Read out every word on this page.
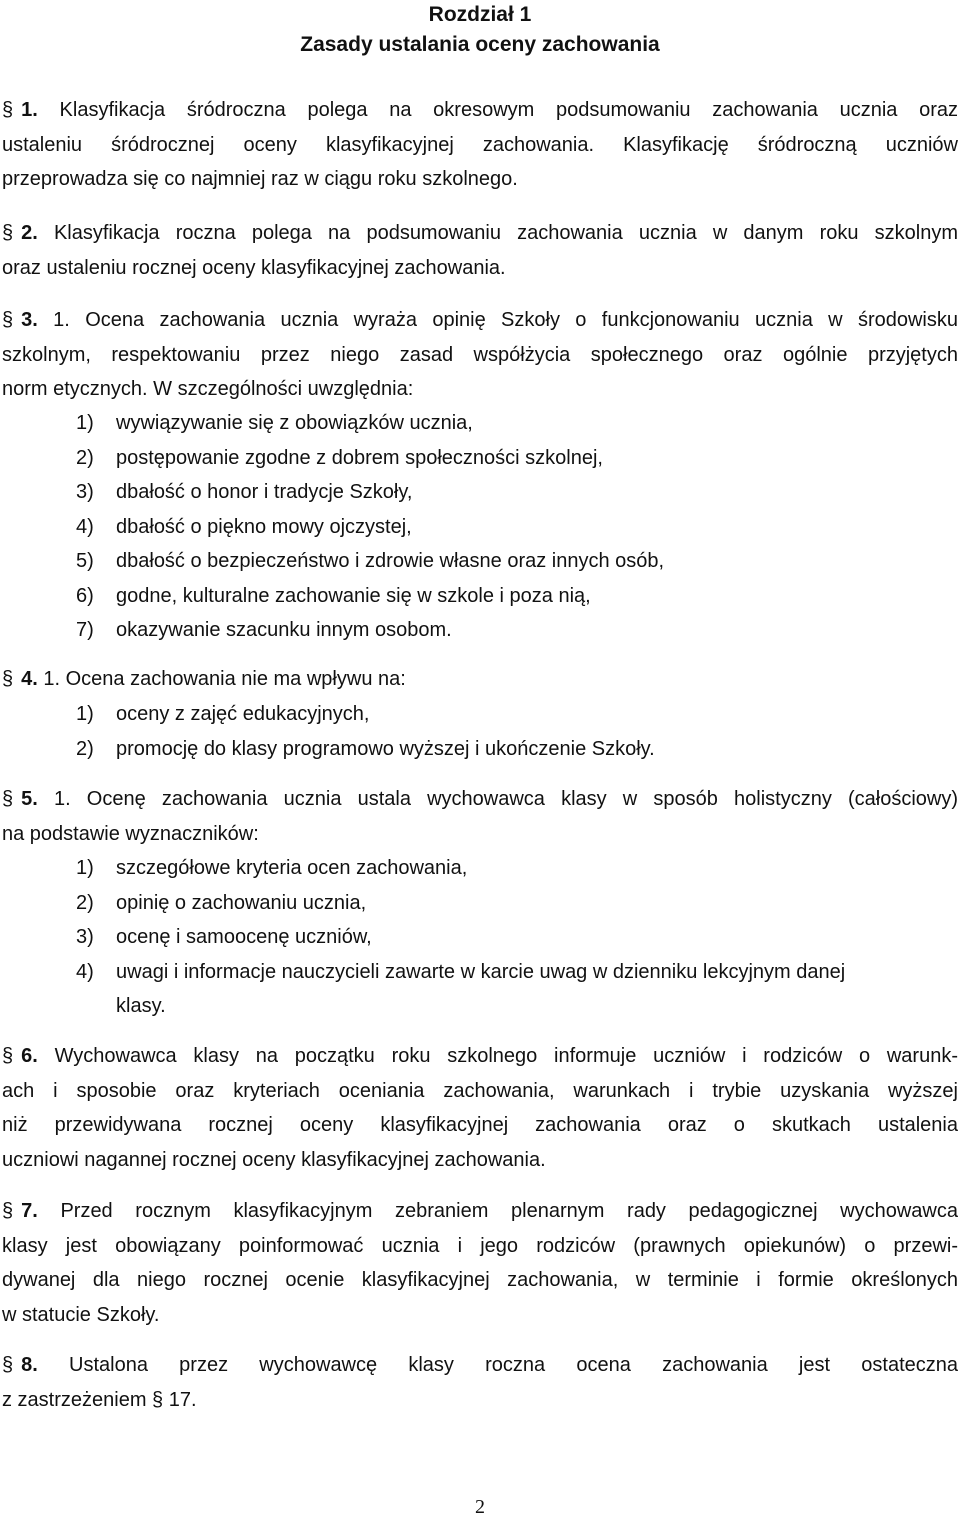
Rozdział 1
Zasady ustalania oceny zachowania
§ 1. Klasyfikacja śródroczna polega na okresowym podsumowaniu zachowania ucznia oraz
ustaleniu śródrocznej oceny klasyfikacyjnej zachowania. Klasyfikację śródroczną uczniów
przeprowadza się co najmniej raz w ciągu roku szkolnego.
§ 2. Klasyfikacja roczna polega na podsumowaniu zachowania ucznia w danym roku szkolnym
oraz ustaleniu rocznej oceny klasyfikacyjnej zachowania.
§ 3. 1. Ocena zachowania ucznia wyraża opinię Szkoły o funkcjonowaniu ucznia w środowisku
szkolnym, respektowaniu przez niego zasad współżycia społecznego oraz ogólnie przyjętych
norm etycznych. W szczególności uwzględnia:
1)	wywiązywanie się z obowiązków ucznia,
2)	postępowanie zgodne z dobrem społeczności szkolnej,
3)	dbałość o honor i tradycje Szkoły,
4)	dbałość o piękno mowy ojczystej,
5)	dbałość o bezpieczeństwo i zdrowie własne oraz innych osób,
6)	godne, kulturalne zachowanie się w szkole i poza nią,
7)	okazywanie szacunku innym osobom.
§ 4. 1. Ocena zachowania nie ma wpływu na:
1)	oceny z zajęć edukacyjnych,
2)	promocję do klasy programowo wyższej i ukończenie Szkoły.
§ 5. 1. Ocenę zachowania ucznia ustala wychowawca klasy w sposób holistyczny (całościowy)
na podstawie wyznaczników:
1)	szczegółowe kryteria ocen zachowania,
2)	opinię o zachowaniu ucznia,
3)	ocenę i samoocenę uczniów,
4)	uwagi i informacje nauczycieli zawarte w karcie uwag w dzienniku lekcyjnym danej
klasy.
§ 6. Wychowawca klasy na początku roku szkolnego informuje uczniów i rodziców o warunk-
ach i sposobie oraz kryteriach oceniania zachowania, warunkach i trybie uzyskania wyższej
niż przewidywana rocznej oceny klasyfikacyjnej zachowania oraz o skutkach ustalenia
uczniowi nagannej rocznej oceny klasyfikacyjnej zachowania.
§ 7. Przed rocznym klasyfikacyjnym zebraniem plenarnym rady pedagogicznej wychowawca
klasy jest obowiązany poinformować ucznia i jego rodziców (prawnych opiekunów) o przewi-
dywanej dla niego rocznej ocenie klasyfikacyjnej zachowania, w terminie i formie określonych
w statucie Szkoły.
§ 8. Ustalona przez wychowawcę klasy roczna ocena zachowania jest ostateczna
z zastrzeżeniem § 17.
2
